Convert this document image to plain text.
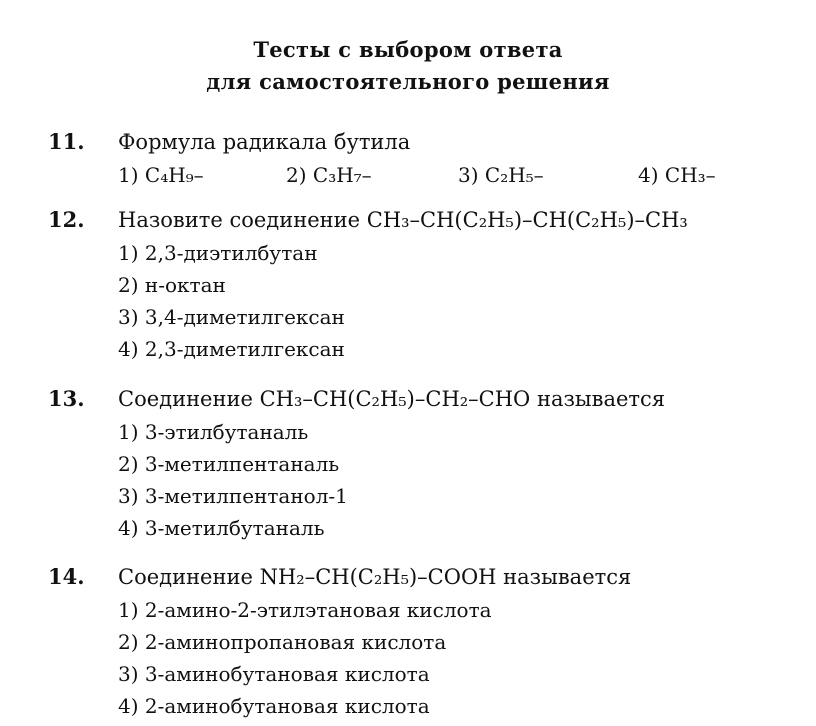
Тесты с выбором ответа
для самостоятельного решения
11. Формула радикала бутила
1) C₄H₉–	2) C₃H₇–	3) C₂H₅–	4) CH₃–
12. Назовите соединение CH₃–CH(C₂H₅)–CH(C₂H₅)–CH₃
1) 2,3-диэтилбутан
2) н-октан
3) 3,4-диметилгексан
4) 2,3-диметилгексан
13. Соединение CH₃–CH(C₂H₅)–CH₂–CHO называется
1) 3-этилбутаналь
2) 3-метилпентаналь
3) 3-метилпентанол-1
4) 3-метилбутаналь
14. Соединение NH₂–CH(C₂H₅)–COOH называется
1) 2-амино-2-этилэтановая кислота
2) 2-аминопропановая кислота
3) 3-аминобутановая кислота
4) 2-аминобутановая кислота
